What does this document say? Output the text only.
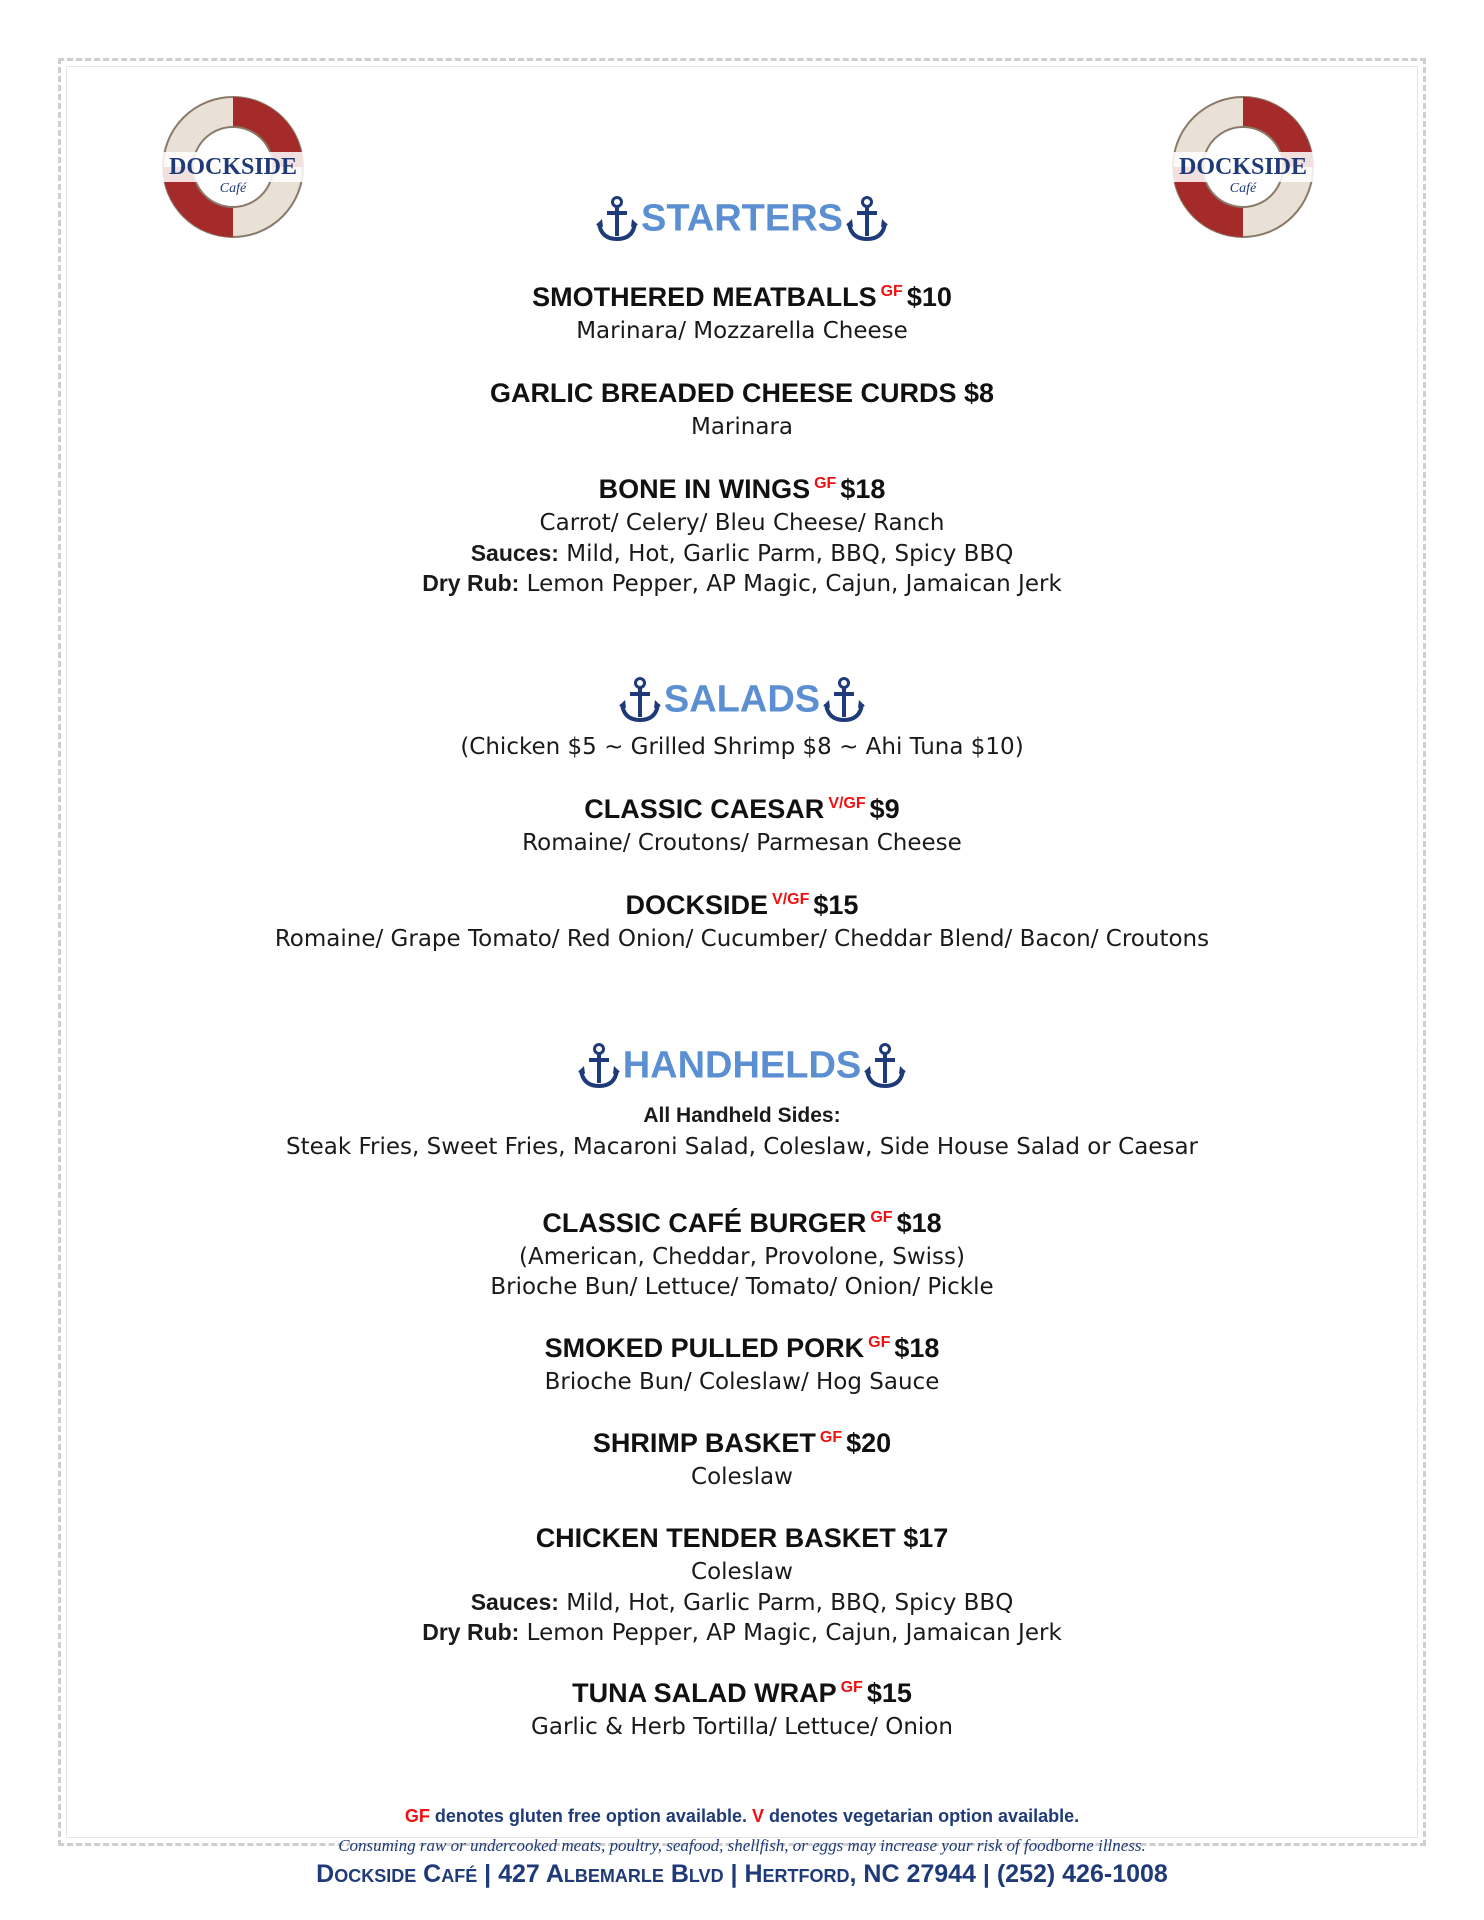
DOCKSIDE
Café
DOCKSIDE
Café
STARTERS
SMOTHERED MEATBALLS $^{GF}$ $10
Marinara/ Mozzarella Cheese
GARLIC BREADED CHEESE CURDS $8
Marinara
BONE IN WINGS $^{GF}$ $18
Carrot/ Celery/ Bleu Cheese/ Ranch
Sauces: Mild, Hot, Garlic Parm, BBQ, Spicy BBQ
Dry Rub: Lemon Pepper, AP Magic, Cajun, Jamaican Jerk
SALADS
(Chicken $5 ~ Grilled Shrimp $8 ~ Ahi Tuna $10)
CLASSIC CAESAR $^{V/GF}$ $9
Romaine/ Croutons/ Parmesan Cheese
DOCKSIDE $^{V/GF}$ $15
Romaine/ Grape Tomato/ Red Onion/ Cucumber/ Cheddar Blend/ Bacon/ Croutons
HANDHELDS
All Handheld Sides:
Steak Fries, Sweet Fries, Macaroni Salad, Coleslaw, Side House Salad or Caesar
CLASSIC CAFÉ BURGER $^{GF}$ $18
(American, Cheddar, Provolone, Swiss)
Brioche Bun/ Lettuce/ Tomato/ Onion/ Pickle
SMOKED PULLED PORK $^{GF}$ $18
Brioche Bun/ Coleslaw/ Hog Sauce
SHRIMP BASKET $^{GF}$ $20
Coleslaw
CHICKEN TENDER BASKET $17
Coleslaw
Sauces: Mild, Hot, Garlic Parm, BBQ, Spicy BBQ
Dry Rub: Lemon Pepper, AP Magic, Cajun, Jamaican Jerk
TUNA SALAD WRAP $^{GF}$ $15
Garlic & Herb Tortilla/ Lettuce/ Onion
GF denotes gluten free option available. V denotes vegetarian option available.
Consuming raw or undercooked meats, poultry, seafood, shellfish, or eggs may increase your risk of foodborne illness.
Dockside Café | 427 Albemarle Blvd | Hertford, NC 27944 | (252) 426-1008
